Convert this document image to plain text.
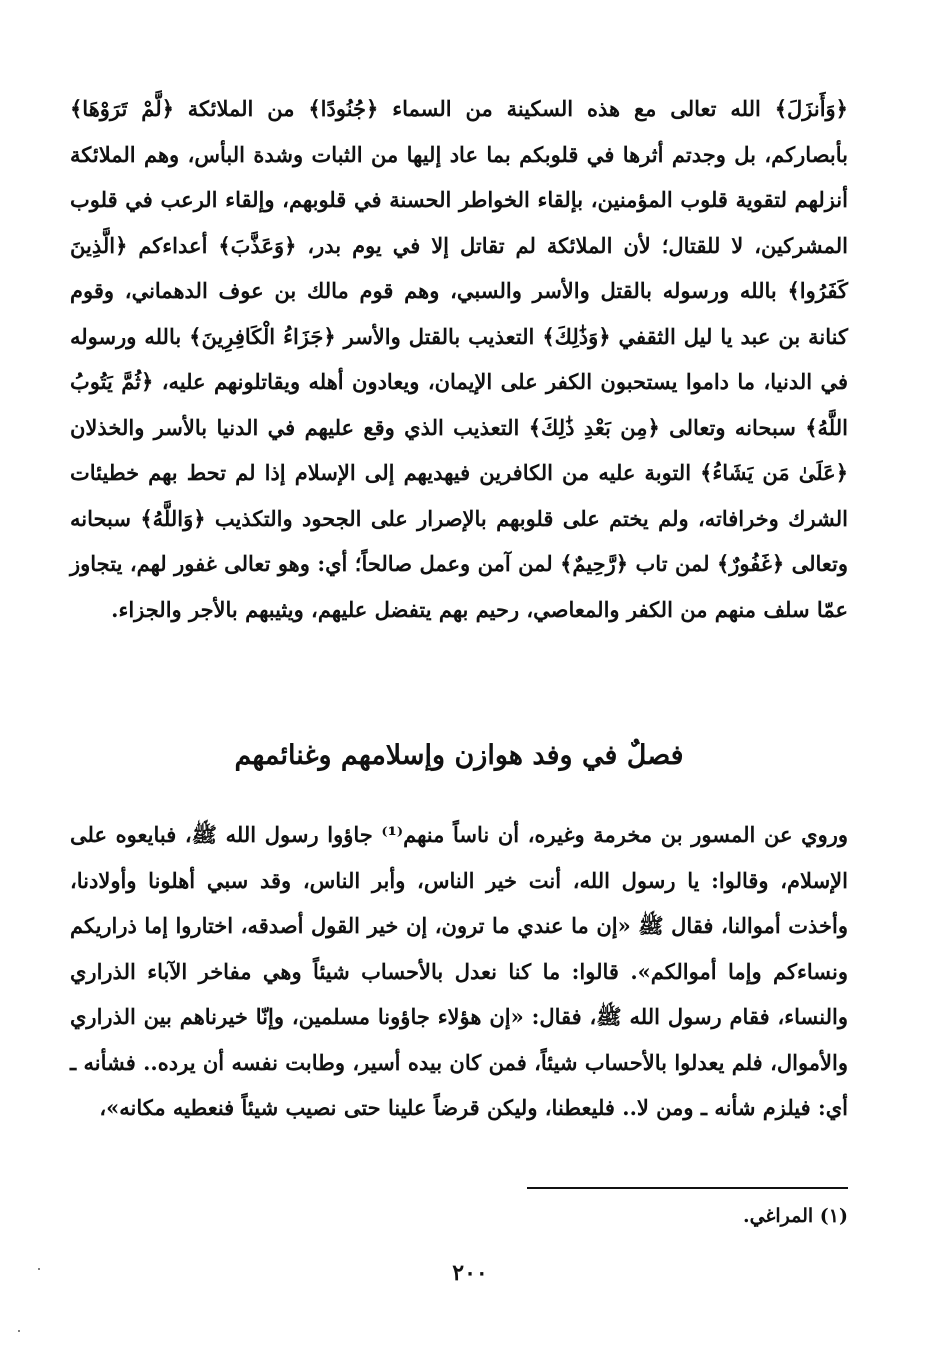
﴿وَأَنزَلَ﴾ الله تعالى مع هذه السكينة من السماء ﴿جُنُودًا﴾ من الملائكة ﴿لَّمْ تَرَوْهَا﴾ بأبصاركم، بل وجدتم أثرها في قلوبكم بما عاد إليها من الثبات وشدة البأس، وهم الملائكة أنزلهم لتقوية قلوب المؤمنين، بإلقاء الخواطر الحسنة في قلوبهم، وإلقاء الرعب في قلوب المشركين، لا للقتال؛ لأن الملائكة لم تقاتل إلا في يوم بدر، ﴿وَعَذَّبَ﴾ أعداءكم ﴿الَّذِينَ كَفَرُوا﴾ بالله ورسوله بالقتل والأسر والسبي، وهم قوم مالك بن عوف الدهماني، وقوم كنانة بن عبد يا ليل الثقفي ﴿وَذَٰلِكَ﴾ التعذيب بالقتل والأسر ﴿جَزَاءُ الْكَافِرِينَ﴾ بالله ورسوله في الدنيا، ما داموا يستحبون الكفر على الإيمان، ويعادون أهله ويقاتلونهم عليه، ﴿ثُمَّ يَتُوبُ اللَّهُ﴾ سبحانه وتعالى ﴿مِن بَعْدِ ذَٰلِكَ﴾ التعذيب الذي وقع عليهم في الدنيا بالأسر والخذلان ﴿عَلَىٰ مَن يَشَاءُ﴾ التوبة عليه من الكافرين فيهديهم إلى الإسلام إذا لم تحط بهم خطيئات الشرك وخرافاته، ولم يختم على قلوبهم بالإصرار على الجحود والتكذيب ﴿وَاللَّهُ﴾ سبحانه وتعالى ﴿غَفُورٌ﴾ لمن تاب ﴿رَّحِيمٌ﴾ لمن آمن وعمل صالحاً؛ أي: وهو تعالى غفور لهم، يتجاوز عمّا سلف منهم من الكفر والمعاصي، رحيم بهم يتفضل عليهم، ويثيبهم بالأجر والجزاء.
فصلٌ في وفد هوازن وإسلامهم وغنائمهم
وروي عن المسور بن مخرمة وغيره، أن ناساً منهم⁽¹⁾ جاؤوا رسول الله ﷺ، فبايعوه على الإسلام، وقالوا: يا رسول الله، أنت خير الناس، وأبر الناس، وقد سبي أهلونا وأولادنا، وأخذت أموالنا، فقال ﷺ «إن ما عندي ما ترون، إن خير القول أصدقه، اختاروا إما ذراريكم ونساءكم وإما أموالكم». قالوا: ما كنا نعدل بالأحساب شيئاً وهي مفاخر الآباء الذراري والنساء، فقام رسول الله ﷺ، فقال: «إن هؤلاء جاؤونا مسلمين، وإنّا خيرناهم بين الذراري والأموال، فلم يعدلوا بالأحساب شيئاً، فمن كان بيده أسير، وطابت نفسه أن يرده.. فشأنه ـ أي: فيلزم شأنه ـ ومن لا.. فليعطنا، وليكن قرضاً علينا حتى نصيب شيئاً فنعطيه مكانه»،
(١) المراغي.
٢٠٠
